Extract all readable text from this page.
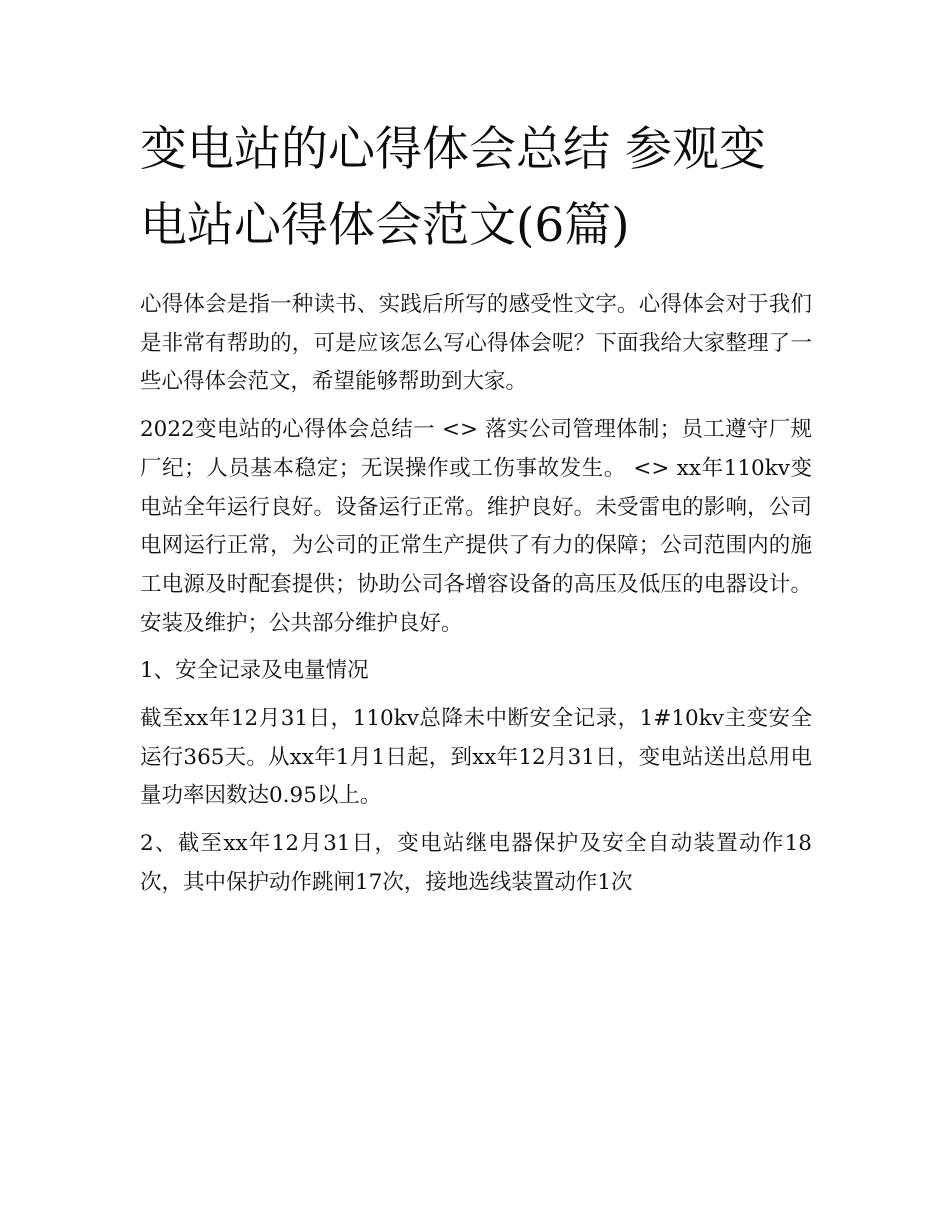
变电站的心得体会总结 参观变电站心得体会范文(6篇)

心得体会是指一种读书、实践后所写的感受性文字。心得体会对于我们是非常有帮助的，可是应该怎么写心得体会呢？下面我给大家整理了一些心得体会范文，希望能够帮助到大家。

2022变电站的心得体会总结一 <> 落实公司管理体制；员工遵守厂规厂纪；人员基本稳定；无误操作或工伤事故发生。 <> xx年110kv变电站全年运行良好。设备运行正常。维护良好。未受雷电的影响，公司电网运行正常，为公司的正常生产提供了有力的保障；公司范围内的施工电源及时配套提供；协助公司各增容设备的高压及低压的电器设计。安装及维护；公共部分维护良好。

1、安全记录及电量情况

截至xx年12月31日，110kv总降未中断安全记录，1#10kv主变安全运行365天。从xx年1月1日起，到xx年12月31日，变电站送出总用电量功率因数达0.95以上。

2、截至xx年12月31日，变电站继电器保护及安全自动装置动作18次，其中保护动作跳闸17次，接地选线装置动作1次
